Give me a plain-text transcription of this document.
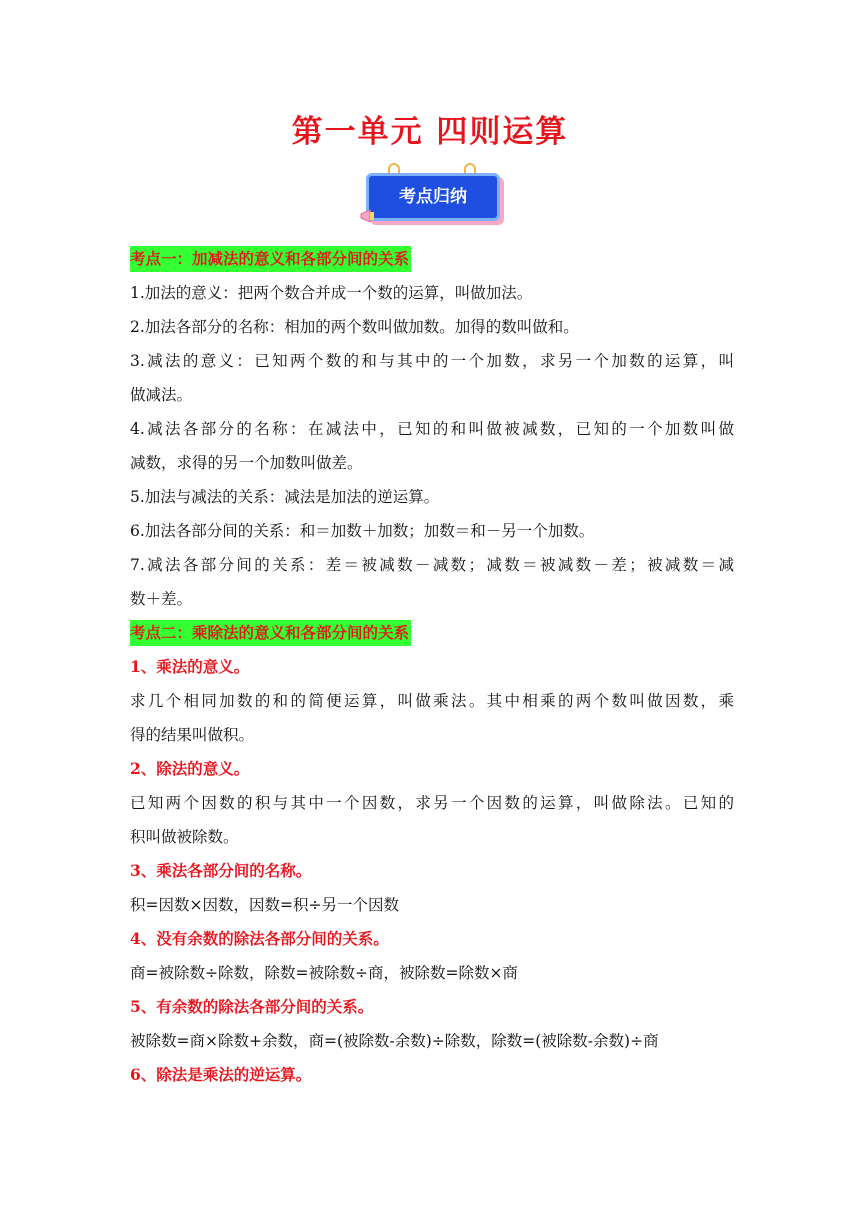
第一单元 四则运算
考点归纳
考点一：加减法的意义和各部分间的关系
1.加法的意义：把两个数合并成一个数的运算，叫做加法。
2.加法各部分的名称：相加的两个数叫做加数。加得的数叫做和。
3.减法的意义：已知两个数的和与其中的一个加数，求另一个加数的运算，叫
做减法。
4.减法各部分的名称：在减法中，已知的和叫做被减数，已知的一个加数叫做
减数，求得的另一个加数叫做差。
5.加法与减法的关系：减法是加法的逆运算。
6.加法各部分间的关系：和＝加数＋加数；加数＝和－另一个加数。
7.减法各部分间的关系：差＝被减数－减数；减数＝被减数－差；被减数＝减
数＋差。
考点二：乘除法的意义和各部分间的关系
1、乘法的意义。
求几个相同加数的和的简便运算，叫做乘法。其中相乘的两个数叫做因数，乘
得的结果叫做积。
2、除法的意义。
已知两个因数的积与其中一个因数，求另一个因数的运算，叫做除法。已知的
积叫做被除数。
3、乘法各部分间的名称。
积=因数×因数，因数=积÷另一个因数
4、没有余数的除法各部分间的关系。
商=被除数÷除数，除数=被除数÷商，被除数=除数×商
5、有余数的除法各部分间的关系。
被除数=商×除数+余数，商=(被除数-余数)÷除数，除数=(被除数-余数)÷商
6、除法是乘法的逆运算。
